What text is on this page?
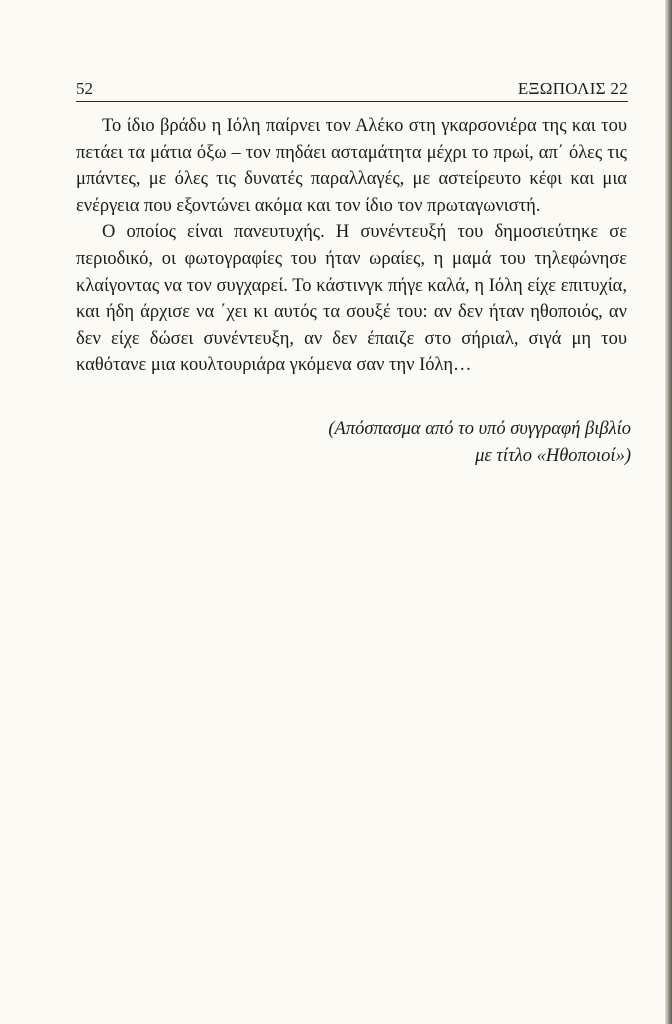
52	ΕΞΩΠΟΛΙΣ 22

Το ίδιο βράδυ η Ιόλη παίρνει τον Αλέκο στη γκαρσονιέρα της και του πετάει τα μάτια όξω – τον πηδάει ασταμάτητα μέχρι το πρωί, απ΄ όλες τις μπάντες, με όλες τις δυνατές παραλλαγές, με αστείρευτο κέφι και μια ενέργεια που εξοντώνει ακόμα και τον ίδιο τον πρωταγωνιστή.

Ο οποίος είναι πανευτυχής. Η συνέντευξή του δημοσιεύτηκε σε περιοδικό, οι φωτογραφίες του ήταν ωραίες, η μαμά του τηλεφώνησε κλαίγοντας να τον συγχαρεί. Το κάστινγκ πήγε καλά, η Ιόλη είχε επιτυχία, και ήδη άρχισε να ΄χει κι αυτός τα σουξέ του: αν δεν ήταν ηθοποιός, αν δεν είχε δώσει συνέντευξη, αν δεν έπαιζε στο σήριαλ, σιγά μη του καθότανε μια κουλτουριάρα γκόμενα σαν την Ιόλη…

(Απόσπασμα από το υπό συγγραφή βιβλίο
με τίτλο «Ηθοποιοί»)
